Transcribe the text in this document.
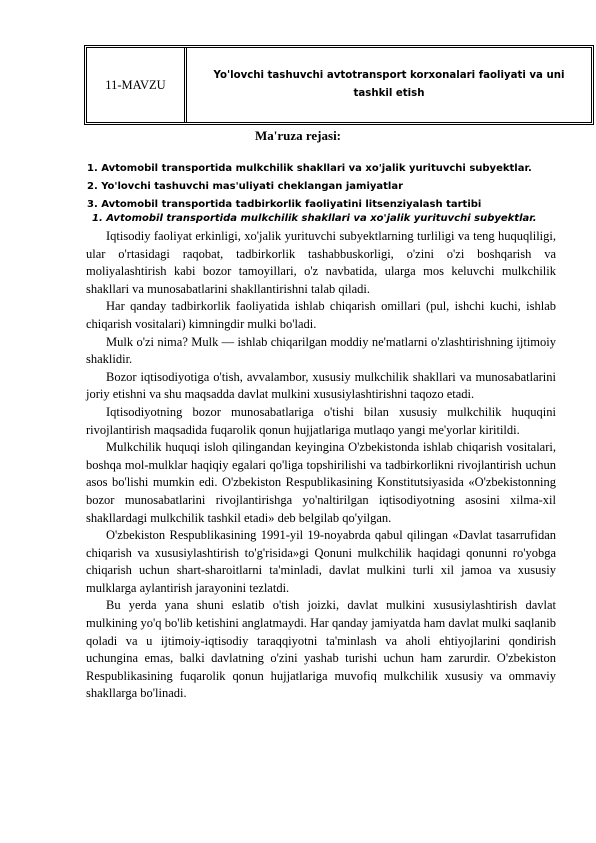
11-MAVZU
Yo'lovchi tashuvchi avtotransport korxonalari faoliyati va uni tashkil etish
Ma'ruza rejasi:
1. Avtomobil transportida mulkchilik shakllari va xo'jalik yurituvchi subyektlar.
2. Yo'lovchi tashuvchi mas'uliyati cheklangan jamiyatlar
3. Avtomobil transportida tadbirkorlik faoliyatini litsenziyalash tartibi
1. Avtomobil transportida mulkchilik shakllari va xo'jalik yurituvchi subyektlar.

Iqtisodiy faoliyat erkinligi, xo'jalik yurituvchi subyektlarning turliligi va teng huquqliligi, ular o'rtasidagi raqobat, tadbirkorlik tashabbuskorligi, o'zini o'zi boshqarish va moliyalashtirish kabi bozor tamoyillari, o'z navbatida, ularga mos keluvchi mulkchilik shakllari va munosabatlarini shakllantirishni talab qiladi.

Har qanday tadbirkorlik faoliyatida ishlab chiqarish omillari (pul, ishchi kuchi, ishlab chiqarish vositalari) kimningdir mulki bo'ladi.

Mulk o'zi nima? Mulk — ishlab chiqarilgan moddiy ne'matlarni o'zlashtirishning ijtimoiy shaklidir.

Bozor iqtisodiyotiga o'tish, avvalambor, xususiy mulkchilik shakllari va munosabatlarini joriy etishni va shu maqsadda davlat mulkini xususiylashtirishni taqozo etadi.

Iqtisodiyotning bozor munosabatlariga o'tishi bilan xususiy mulkchilik huquqini rivojlantirish maqsadida fuqarolik qonun hujjatlariga mutlaqo yangi me'yorlar kiritildi.

Mulkchilik huquqi isloh qilingandan keyingina O'zbekistonda ishlab chiqarish vositalari, boshqa mol-mulklar haqiqiy egalari qo'liga topshirilishi va tadbirkorlikni rivojlantirish uchun asos bo'lishi mumkin edi. O'zbekiston Respublikasining Konstitutsiyasida «O'zbekistonning bozor munosabatlarini rivojlantirishga yo'naltirilgan iqtisodiyotning asosini xilma-xil shakllardagi mulkchilik tashkil etadi» deb belgilab qo'yilgan.

O'zbekiston Respublikasining 1991-yil 19-noyabrda qabul qilingan «Davlat tasarrufidan chiqarish va xususiylashtirish to'g'risida»gi Qonuni mulkchilik haqidagi qonunni ro'yobga chiqarish uchun shart-sharoitlarni ta'minladi, davlat mulkini turli xil jamoa va xususiy mulklarga aylantirish jarayonini tezlatdi.

Bu yerda yana shuni eslatib o'tish joizki, davlat mulkini xususiylashtirish davlat mulkining yo'q bo'lib ketishini anglatmaydi. Har qanday jamiyatda ham davlat mulki saqlanib qoladi va u ijtimoiy-iqtisodiy taraqqiyotni ta'minlash va aholi ehtiyojlarini qondirish uchungina emas, balki davlatning o'zini yashab turishi uchun ham zarurdir. O'zbekiston Respublikasining fuqarolik qonun hujjatlariga muvofiq mulkchilik xususiy va ommaviy shakllarga bo'linadi.
